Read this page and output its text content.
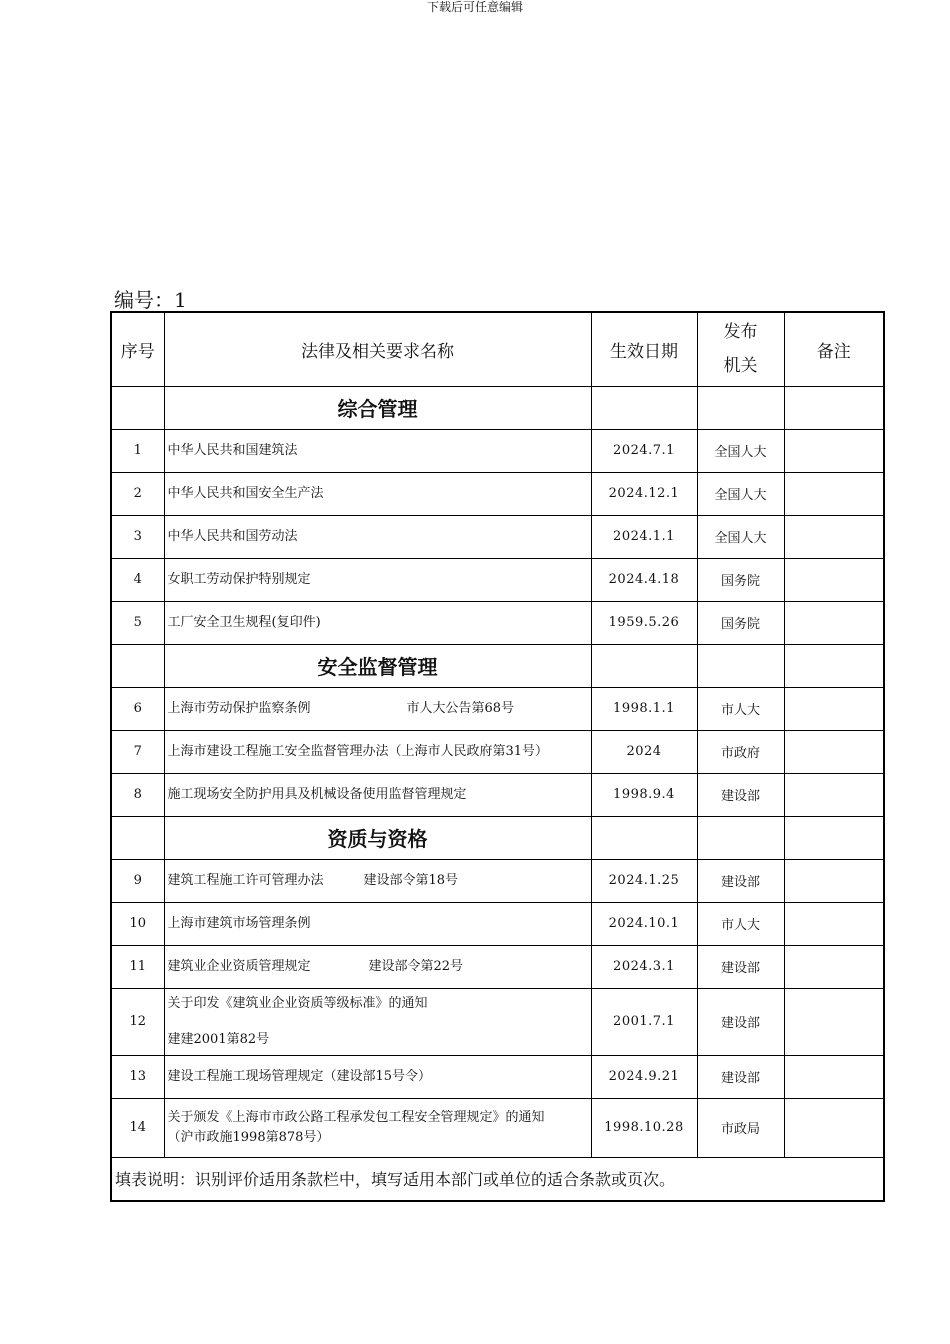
下载后可任意编辑
编号：1
序号	法律及相关要求名称	生效日期	发布
机关	备注
	综合管理			
1	中华人民共和国建筑法	2024.7.1	全国人大	
2	中华人民共和国安全生产法	2024.12.1	全国人大	
3	中华人民共和国劳动法	2024.1.1	全国人大	
4	女职工劳动保护特别规定	2024.4.18	国务院	
5	工厂安全卫生规程(复印件)	1959.5.26	国务院	
	安全监督管理			
6	上海市劳动保护监察条例 市人大公告第68号	1998.1.1	市人大	
7	上海市建设工程施工安全监督管理办法（上海市人民政府第31号）	2024	市政府	
8	施工现场安全防护用具及机械设备使用监督管理规定	1998.9.4	建设部	
	资质与资格			
9	建筑工程施工许可管理办法 建设部令第18号	2024.1.25	建设部	
10	上海市建筑市场管理条例	2024.10.1	市人大	
11	建筑业企业资质管理规定 建设部令第22号	2024.3.1	建设部	
12	关于印发《建筑业企业资质等级标准》的通知
建建2001第82号	2001.7.1	建设部	
13	建设工程施工现场管理规定（建设部15号令）	2024.9.21	建设部	
14	关于颁发《上海市市政公路工程承发包工程安全管理规定》的通知
（沪市政施1998第878号）	1998.10.28	市政局	
填表说明：识别评价适用条款栏中，填写适用本部门或单位的适合条款或页次。				
